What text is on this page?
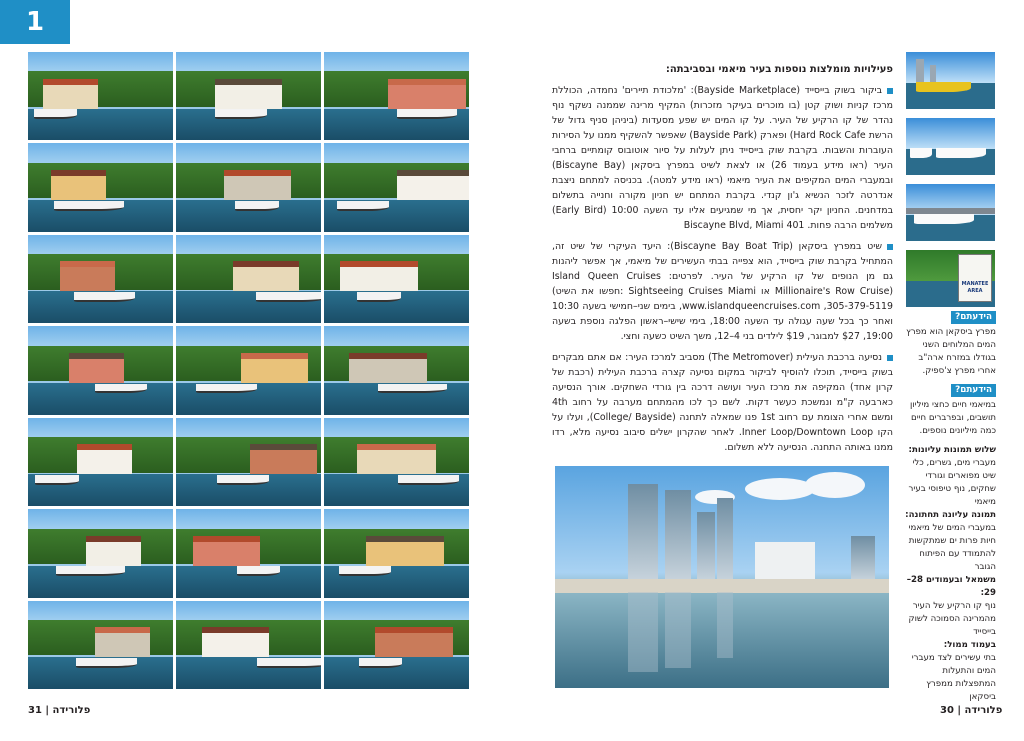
1
MANATEE AREA
פעילויות מומלצות נוספות בעיר מיאמי ובסביבתה:
ביקור בשוק בייסייד (Bayside Marketplace): 'מלכודת תיירים' נחמדה, הכוללת מרכז קניות ושוק קטן (בו מוכרים בעיקר מזכרות) המקיף מרינה שממנה נשקף נוף נהדר של קו הרקיע של העיר. על קו המים יש שפע מסעדות (ביניהן סניף גדול של הרשת Hard Rock Cafe) ופארק (Bayside Park) שאפשר להשקיף ממנו על הסירות העוברות והשבות. בקרבת שוק בייסייד ניתן לעלות על סיור אוטובוס קומתיים ברחבי העיר (ראו מידע בעמוד 26) או לצאת לשיט במפרץ ביסקאן (Biscayne Bay) ובמעברי המים המקיפים את העיר מיאמי (ראו מידע למטה). בכניסה למתחם ניצבת אנדרטה לזכר הנשיא ג'ון קנדי. בקרבת המתחם יש חניון מקורה וחנייה בתשלום במדחנים. החניון יקר יחסית, אך מי שמגיעים אליו עד השעה 10:00 (Early Bird) משלמים הרבה פחות. 401 Biscayne Blvd, Miami
שיט במפרץ ביסקאן (Biscayne Bay Boat Trip): היעד העיקרי של שיט זה, המתחיל בקרבת שוק בייסייד, הוא צפייה בבתי העשירים של מיאמי, אך אפשר ליהנות גם מן הנופים של קו הרקיע של העיר. לפרטים: Island Queen Cruises (Millionaire's Row Cruise או Sightseeing Cruises Miami :חפשו את השיט) 305-379-5119, www.islandqueencruises.com, בימים שני–חמישי בשעה 10:30 ואחר כך בכל שעה עגולה עד השעה 18:00, בימי שישי–ראשון הפלגה נוספת בשעה 19:00, $27 למבוגר, $19 לילדים בני 4–12, משך השיט כשעה וחצי.
נסיעה ברכבת העילית (The Metromover) מסביב למרכז העיר: אם אתם מבקרים בשוק בייסייד, תוכלו להוסיף לביקור במקום נסיעה קצרה ברכבת העילית (רכבת של קרון אחד) המקיפה את מרכז העיר ועושה דרכה בין גורדי השחקים. אורך הנסיעה כארבעה ק"מ ונמשכת כעשר דקות. לשם כך לכו מהמתחם מערבה על רחוב 4th ומשם אחרי הצומת עם רחוב 1st פנו שמאלה לתחנה (College/ Bayside), ועלו על הקו Inner Loop/Downtown Loop. לאחר שהקרון ישלים סיבוב נסיעה מלא, רדו ממנו באותה התחנה. הנסיעה ללא תשלום.
הידעתם?
מפרץ ביסקאן הוא מפרץ המים המלוחים השני בגודלו במזרח ארה"ב אחרי מפרץ צ'ספיק.
הידעתם?
במיאמי חיים כחצי מיליון תושבים, ובפרברים חיים כמה מיליונים נוספים.
שלוש תמונות עליונות:
מעברי מים, גשרים, כלי שיט מפוארים וגורדי שחקים, נוף טיפוסי בעיר מיאמי
תמונה עליונה תחתונה:
במעברי המים של מיאמי חיות פרות ים שמתקשות להתמודד עם הפיתוח הגובר
משמאל ובעמודים 28–29:
נוף קו הרקיע של העיר מהמרינה הסמוכה לשוק בייסייד
בעמוד ממול:
בתי עשירים לצד מעברי המים והתעלות המתפצלות ממפרץ ביסקאן
31 | פלורידה	פלורידה | 30
